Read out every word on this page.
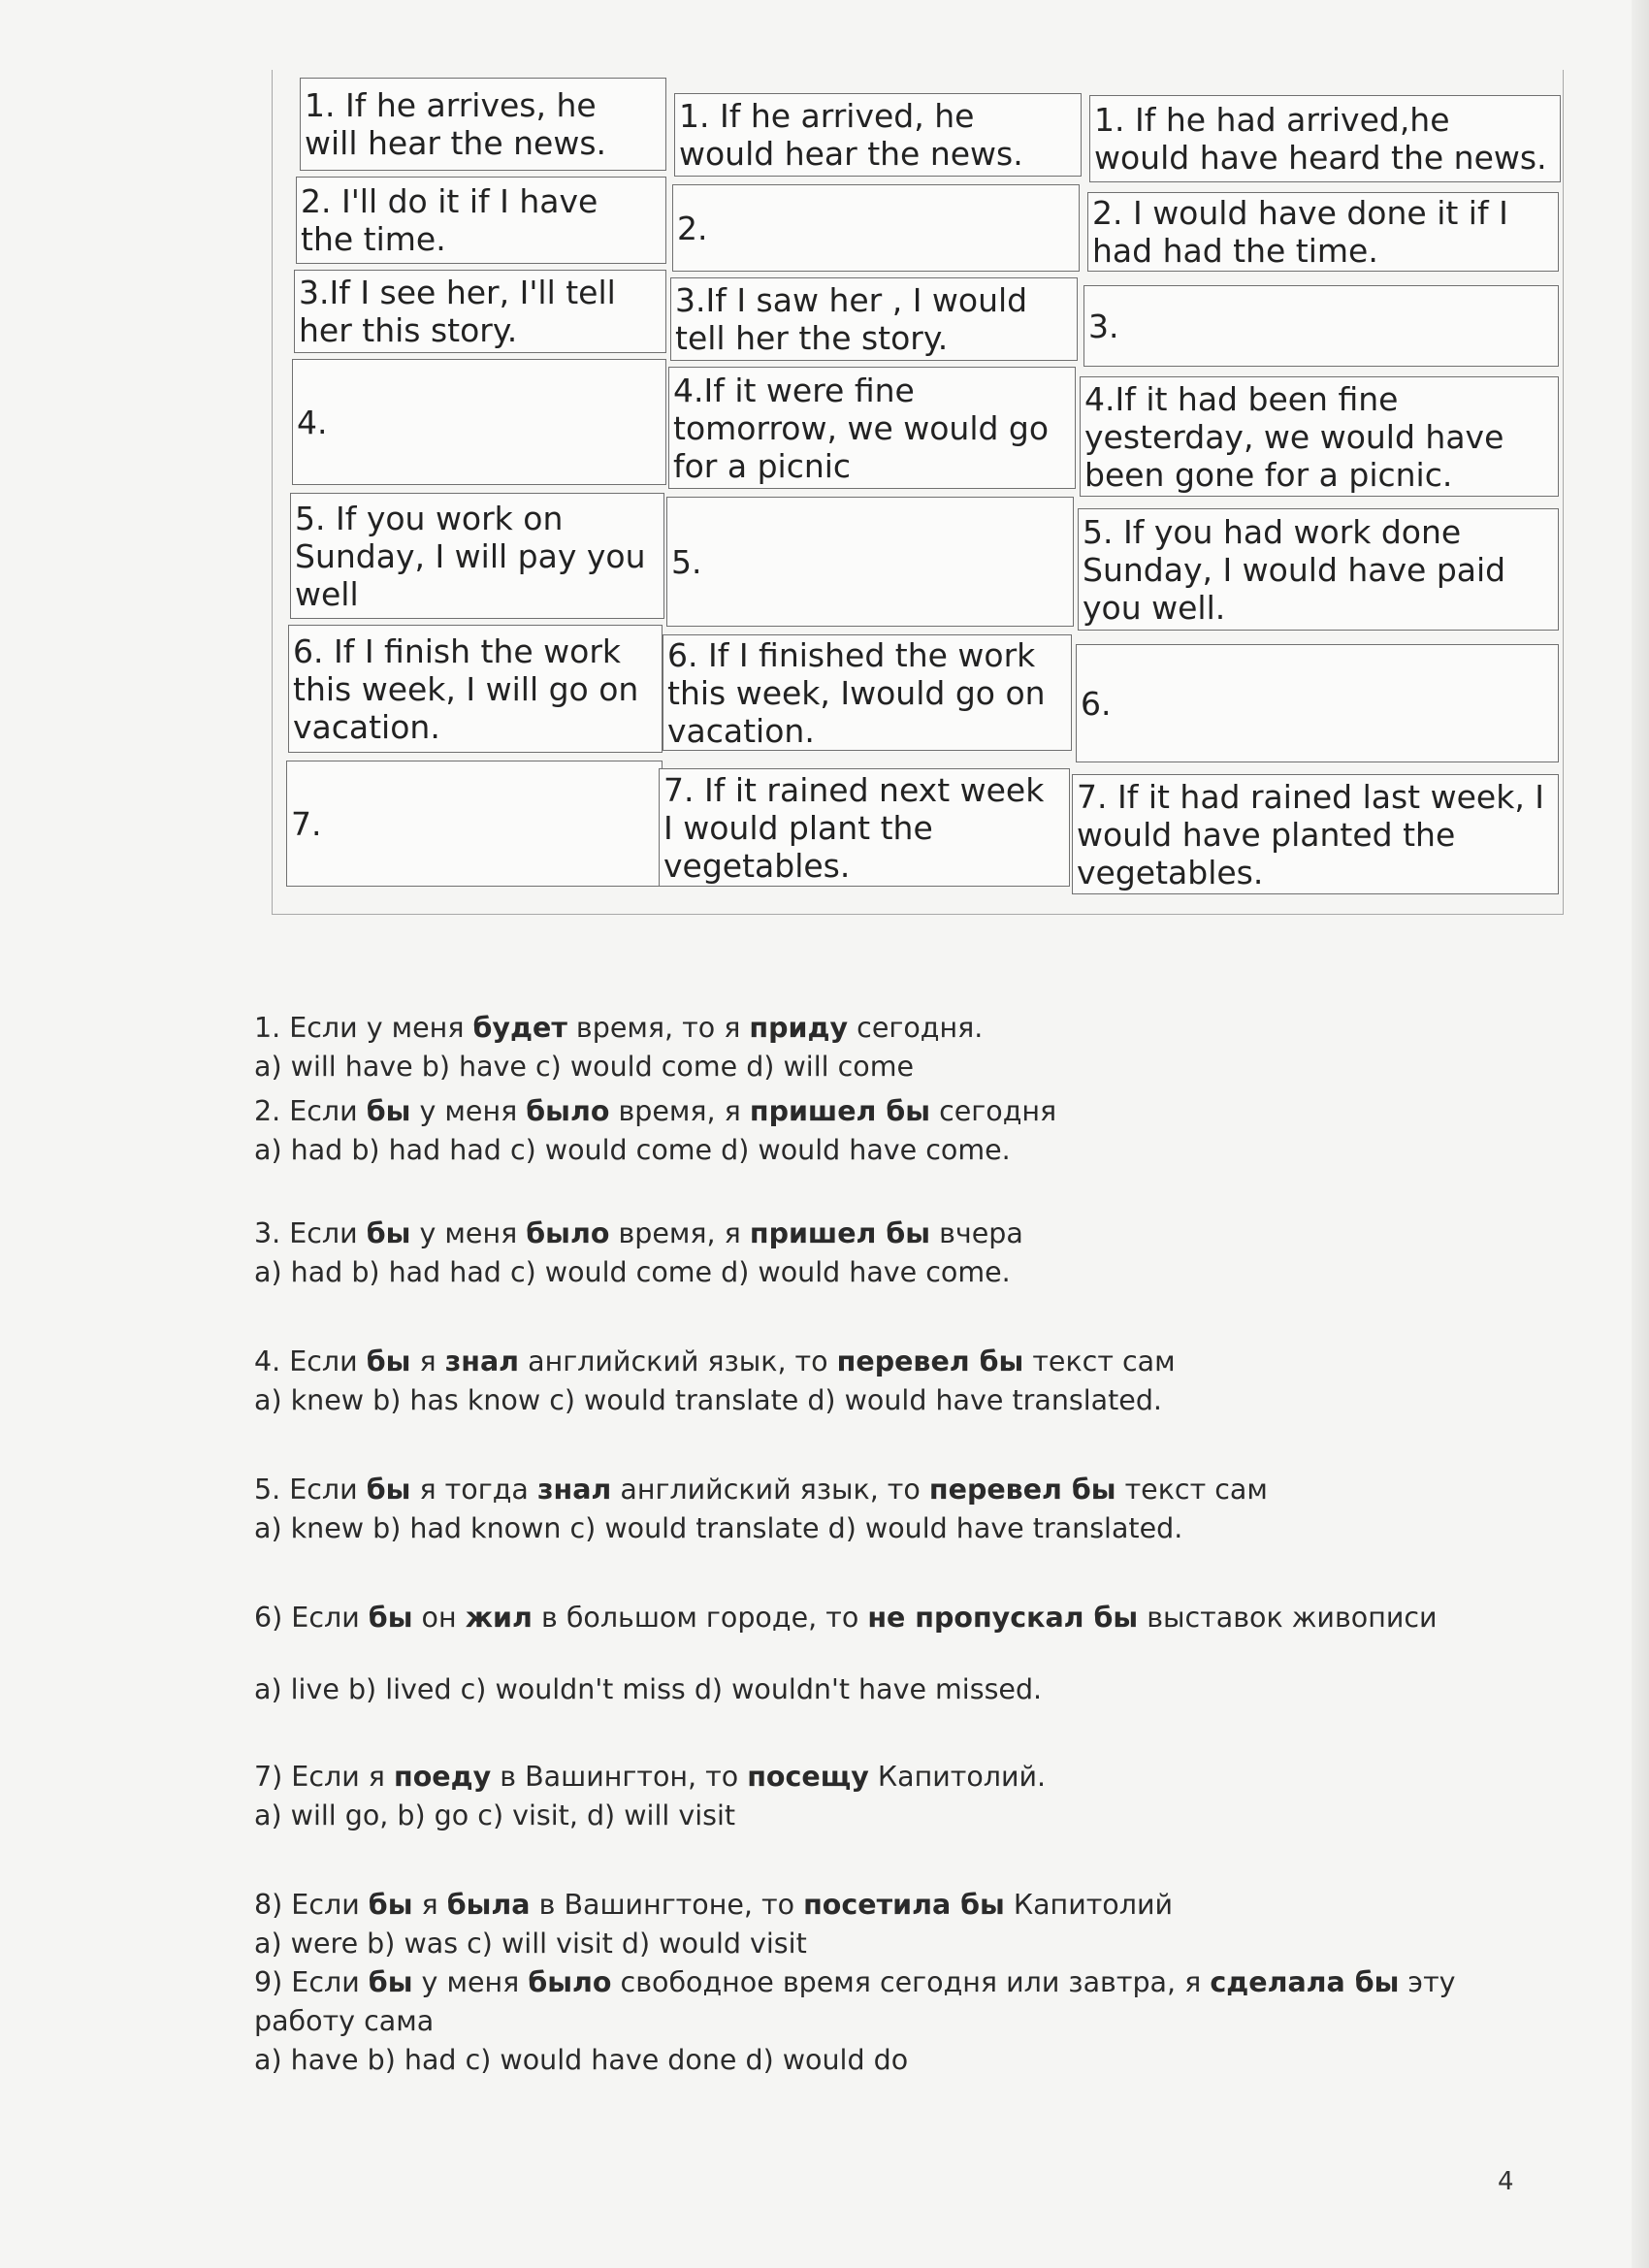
1. If he arrives, he will hear the news.
2. I'll do it if I have the time.
3.If I see her, I'll tell her this story.
4.
5. If you work on Sunday, I will pay you well
6. If I finish the work this week, I will go on vacation.
7.
1. If he arrived, he would hear the news.
2.
3.If I saw her , I would tell her the story.
4.If it were fine tomorrow, we would go for a picnic
5.
6. If I finished the work this week, Iwould go on vacation.
7. If it rained next week I would plant the vegetables.
1. If he had arrived,he would have heard the news.
2. I would have done it if I had had the time.
3.
4.If it had been fine yesterday, we would have been gone for a picnic.
5. If you had work done Sunday, I would have paid you well.
6.
7. If it had rained last week, I would have planted the vegetables.
1. Если у меня будет время, то я приду сегодня.
a) will have b) have c) would come d) will come
2. Если бы у меня было время, я пришел бы сегодня
a) had b) had had c) would come d) would have come.
3. Если бы у меня было время, я пришел бы вчера
a) had b) had had c) would come d) would have come.
4. Если бы я знал английский язык, то перевел бы текст сам
a) knew b) has know c) would translate d) would have translated.
5. Если бы я тогда знал английский язык, то перевел бы текст сам
a) knew b) had known c) would translate d) would have translated.
6) Если бы он жил в большом городе, то не пропускал бы выставок живописи
a) live b) lived c) wouldn't miss d) wouldn't have missed.
7) Если я поеду в Вашингтон, то посещу Капитолий.
a) will go, b) go c) visit, d) will visit
8) Если бы я была в Вашингтоне, то посетила бы Капитолий
a) were b) was c) will visit d) would visit
9) Если бы у меня было свободное время сегодня или завтра, я сделала бы эту работу сама
a) have b) had c) would have done d) would do
4
